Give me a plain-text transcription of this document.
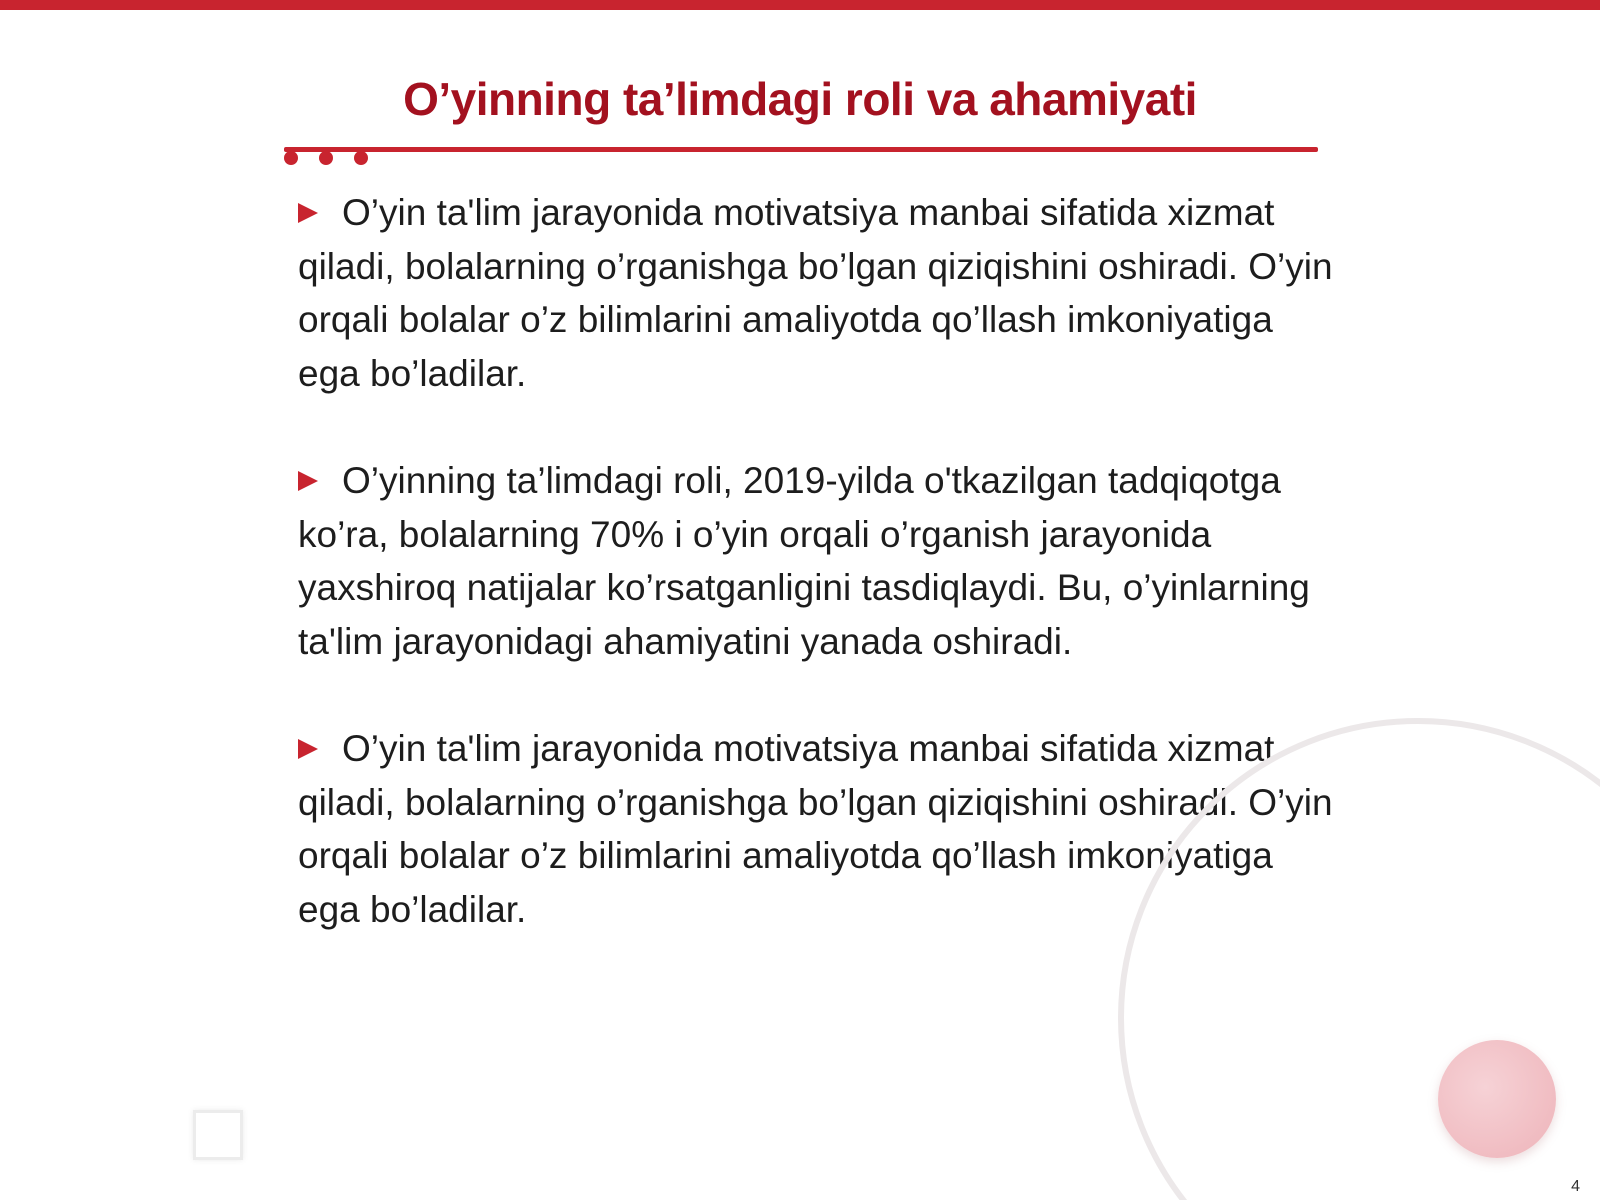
O’yinning ta’limdagi roli va ahamiyati

O’yin ta'lim jarayonida motivatsiya manbai sifatida xizmat qiladi, bolalarning o’rganishga bo’lgan qiziqishini oshiradi. O’yin orqali bolalar o’z bilimlarini amaliyotda qo’llash imkoniyatiga ega bo’ladilar.

O’yinning ta’limdagi roli, 2019-yilda o'tkazilgan tadqiqotga ko’ra, bolalarning 70% i o’yin orqali o’rganish jarayonida yaxshiroq natijalar ko’rsatganligini tasdiqlaydi. Bu, o’yinlarning ta'lim jarayonidagi ahamiyatini yanada oshiradi.

O’yin ta'lim jarayonida motivatsiya manbai sifatida xizmat qiladi, bolalarning o’rganishga bo’lgan qiziqishini oshiradi. O’yin orqali bolalar o’z bilimlarini amaliyotda qo’llash imkoniyatiga ega bo’ladilar.

4
